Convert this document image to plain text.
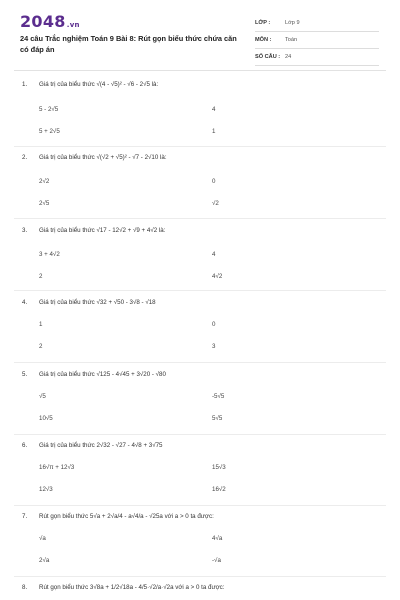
2048.vn
24 câu Trắc nghiệm Toán 9 Bài 8: Rút gọn biểu thức chứa căn có đáp án
LỚP :	Lớp 9
MÔN :	Toán
SỐ CÂU : 24
1.	Giá trị của biểu thức √(4 - √5)² - √6 - 2√5 là:
5 - 2√5	4
5 + 2√5	1
2.	Giá trị của biểu thức √(√2 + √5)² - √7 - 2√10 là:
2√2	0
2√5	√2
3.	Giá trị của biểu thức √17 - 12√2 + √9 + 4√2 là:
3 + 4√2	4
2	4√2
4.	Giá trị của biểu thức √32 + √50 - 3√8 - √18
1	0
2	3
5.	Giá trị của biểu thức √125 - 4√45 + 3√20 - √80
√5	-5√5
10√5	5√5
6.	Giá trị của biểu thức 2√32 - √27 - 4√8 + 3√75
16√π + 12√3	15√3
12√3	16√2
7.	Rút gọn biểu thức 5√a + 2√a/4 - a√4/a - √25a với a > 0 ta được:
√a	4√a
2√a	-√a
8.	Rút gọn biểu thức 3√8a + 1/2√18a - 4/5·√2/a·√2a với a > 0 ta được:
